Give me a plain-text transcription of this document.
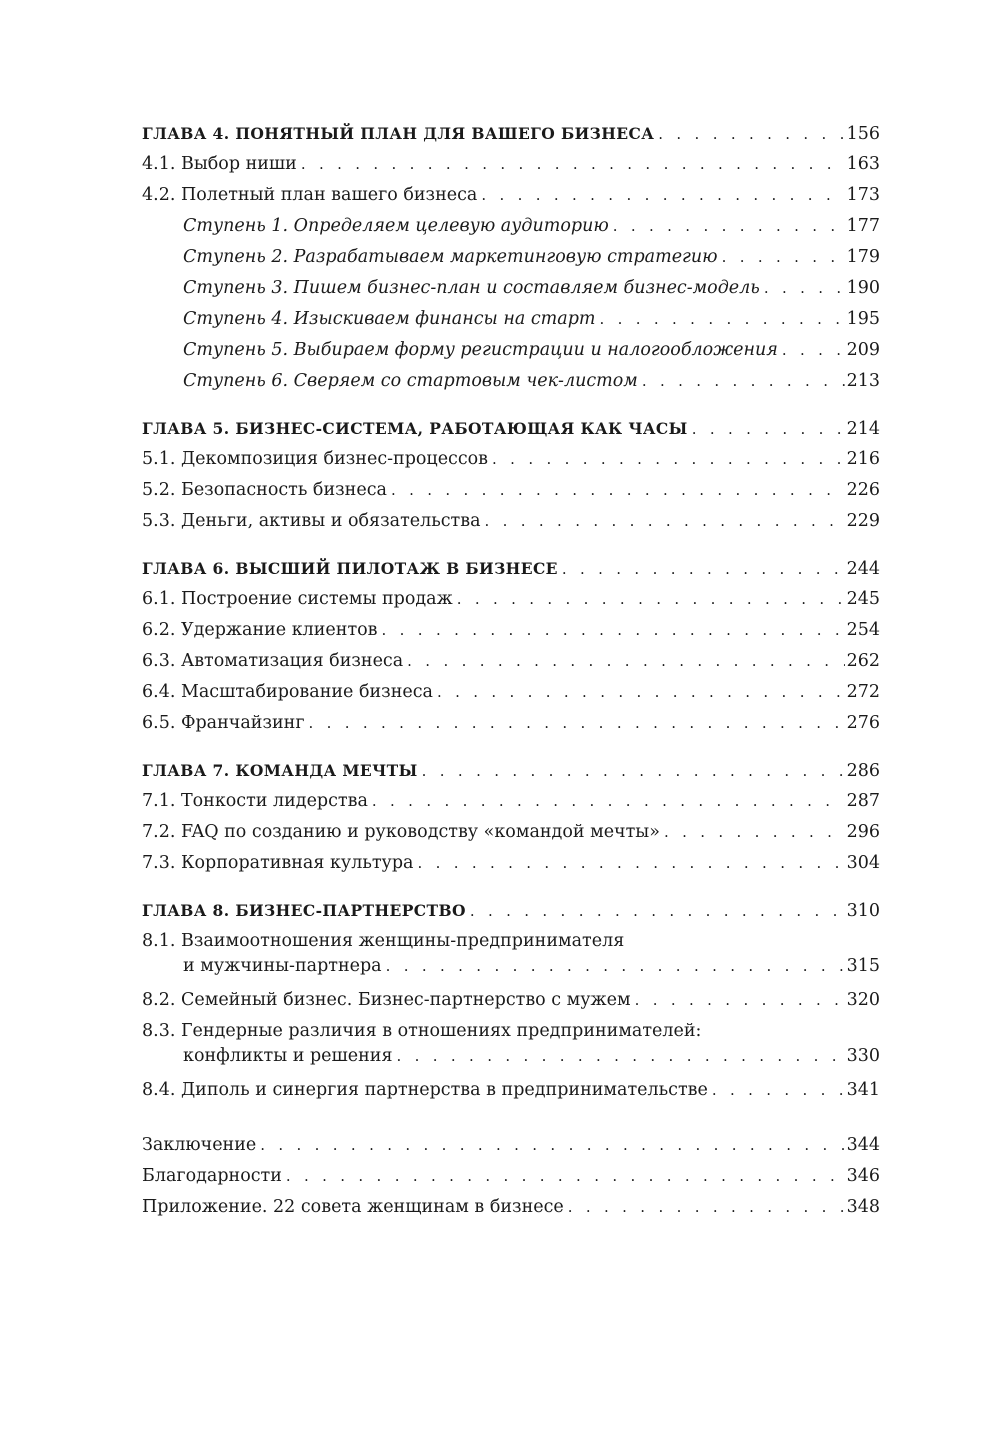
ГЛАВА 4. ПОНЯТНЫЙ ПЛАН ДЛЯ ВАШЕГО БИЗНЕСА . . .	156
4.1. Выбор ниши . . .	163
4.2. Полетный план вашего бизнеса . . .	173
Ступень 1. Определяем целевую аудиторию . . .	177
Ступень 2. Разрабатываем маркетинговую стратегию . . .	179
Ступень 3. Пишем бизнес-план и составляем бизнес-модель . . .	190
Ступень 4. Изыскиваем финансы на старт . . .	195
Ступень 5. Выбираем форму регистрации и налогообложения . . .	209
Ступень 6. Сверяем со стартовым чек-листом . . .	213
ГЛАВА 5. БИЗНЕС-СИСТЕМА, РАБОТАЮЩАЯ КАК ЧАСЫ . . .	214
5.1. Декомпозиция бизнес-процессов . . .	216
5.2. Безопасность бизнеса . . .	226
5.3. Деньги, активы и обязательства . . .	229
ГЛАВА 6. ВЫСШИЙ ПИЛОТАЖ В БИЗНЕСЕ . . .	244
6.1. Построение системы продаж . . .	245
6.2. Удержание клиентов . . .	254
6.3. Автоматизация бизнеса . . .	262
6.4. Масштабирование бизнеса . . .	272
6.5. Франчайзинг . . .	276
ГЛАВА 7. КОМАНДА МЕЧТЫ . . .	286
7.1. Тонкости лидерства . . .	287
7.2. FAQ по созданию и руководству «командой мечты» . . .	296
7.3. Корпоративная культура . . .	304
ГЛАВА 8. БИЗНЕС-ПАРТНЕРСТВО . . .	310
8.1. Взаимоотношения женщины-предпринимателя
и мужчины-партнера . . .	315
8.2. Семейный бизнес. Бизнес-партнерство с мужем . . .	320
8.3. Гендерные различия в отношениях предпринимателей:
конфликты и решения . . .	330
8.4. Диполь и синергия партнерства в предпринимательстве . . .	341
Заключение . . .	344
Благодарности . . .	346
Приложение. 22 совета женщинам в бизнесе . . .	348
